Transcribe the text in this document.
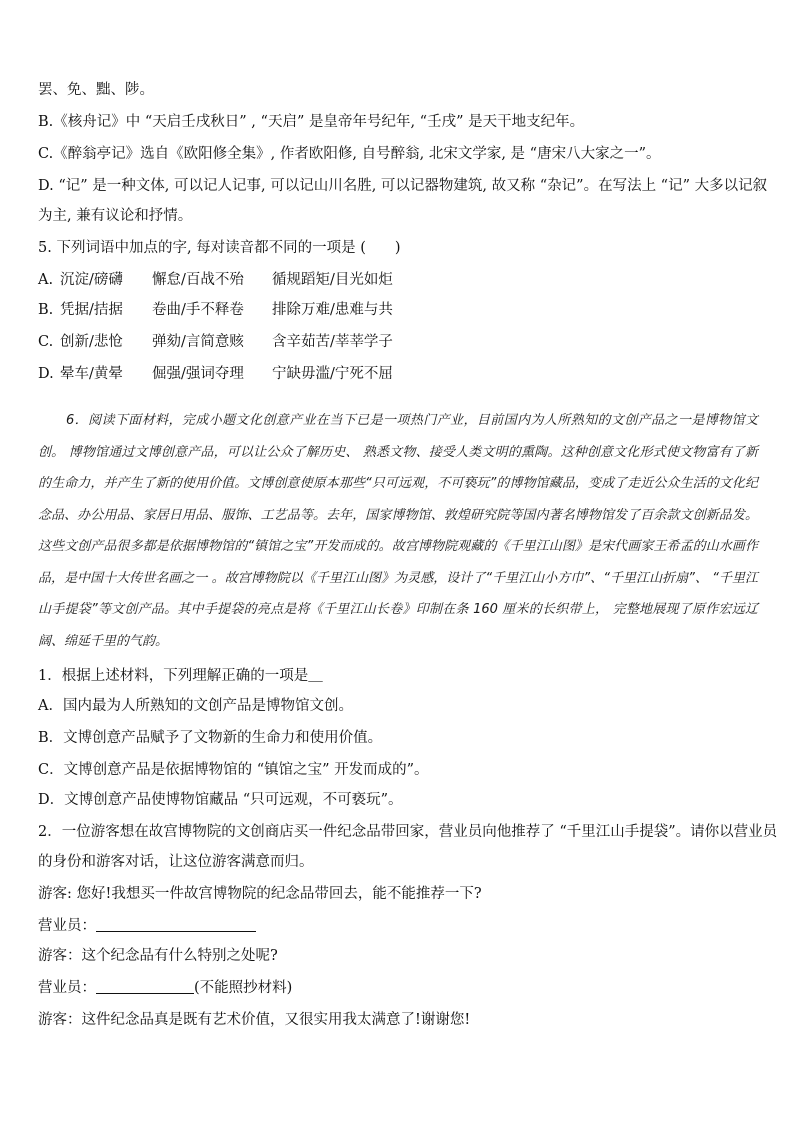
罢、免、黜、陟。
B.《核舟记》中 “天启壬戌秋日” , “天启” 是皇帝年号纪年, “壬戌” 是天干地支纪年。
C.《醉翁亭记》选自《欧阳修全集》, 作者欧阳修, 自号醉翁, 北宋文学家, 是 “唐宋八大家之一”。
D. “记” 是一种文体, 可以记人记事, 可以记山川名胜, 可以记器物建筑, 故又称 “杂记”。在写法上 “记” 大多以记叙
为主, 兼有议论和抒情。
5. 下列词语中加点的字, 每对读音都不同的一项是 (　　)
A. 沉淀/磅礴 懈怠/百战不殆 循规蹈矩/目光如炬
B. 凭据/拮据 卷曲/手不释卷 排除万难/患难与共
C. 创新/悲怆 弹劾/言简意赅 含辛茹苦/莘莘学子
D. 晕车/黄晕 倔强/强词夺理 宁缺毋滥/宁死不屈
6．阅读下面材料，完成小题文化创意产业在当下已是一项热门产业，目前国内为人所熟知的文创产品之一是博物馆文创。 博物馆通过文博创意产品，可以让公众了解历史、 熟悉文物、接受人类文明的熏陶。这种创意文化形式使文物富有了新的生命力，并产生了新的使用价值。文博创意使原本那些“只可远观，不可亵玩”的博物馆藏品，变成了走近公众生活的文化纪念品、办公用品、家居日用品、服饰、工艺品等。去年，国家博物馆、敦煌研究院等国内著名博物馆发了百余款文创新品发。这些文创产品很多都是依据博物馆的“镇馆之宝”开发而成的。故宫博物院观藏的《千里江山图》是宋代画家王希孟的山水画作品，是中国十大传世名画之一 。故宫博物院以《千里江山图》为灵感，设计了“千里江山小方巾”、“千里江山折扇”、 “千里江山手提袋”等文创产品。其中手提袋的亮点是将《千里江山长卷》印制在条 160 厘米的长织带上， 完整地展现了原作宏远辽阔、绵延千里的气韵。
1．根据上述材料，下列理解正确的一项是＿
A．国内最为人所熟知的文创产品是博物馆文创。
B．文博创意产品赋予了文物新的生命力和使用价值。
C．文博创意产品是依据博物馆的 “镇馆之宝” 开发而成的”。
D．文博创意产品使博物馆藏品 “只可远观，不可亵玩”。
2．一位游客想在故宫博物院的文创商店买一件纪念品带回家，营业员向他推荐了 “千里江山手提袋”。请你以营业员
的身份和游客对话，让这位游客满意而归。
游客: 您好!我想买一件故宫博物院的纪念品带回去，能不能推荐一下?
营业员：
游客：这个纪念品有什么特别之处呢?
营业员：	(不能照抄材料)
游客：这件纪念品真是既有艺术价值，又很实用我太满意了!谢谢您!
